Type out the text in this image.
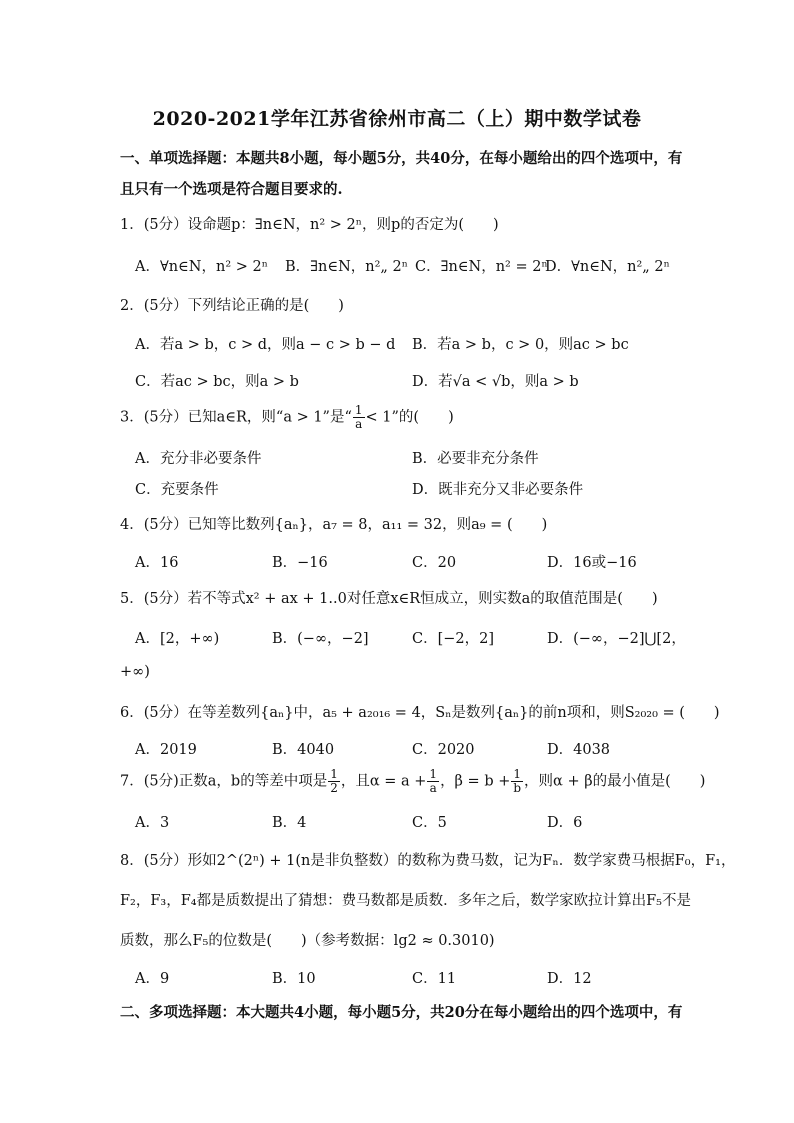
2020-2021学年江苏省徐州市高二（上）期中数学试卷
一、单项选择题：本题共8小题，每小题5分，共40分，在每小题给出的四个选项中，有
且只有一个选项是符合题目要求的.
1．(5分）设命题p：∃n∈N，n² > 2ⁿ，则p的否定为(　　)
A．∀n∈N，n² > 2ⁿ B．∃n∈N，n²„ 2ⁿ C．∃n∈N，n² = 2ⁿ
D．∀n∈N，n²„ 2ⁿ
2．(5分）下列结论正确的是(　　)
A．若a > b，c > d，则a − c > b − d B．若a > b，c > 0，则ac > bc
C．若ac > bc，则a > b	D．若√a < √b，则a > b
3．(5分）已知a∈R，则“a > 1”是“ $\frac{1}{a} < 1$”的(　　)
A．充分非必要条件	B．必要非充分条件
C．充要条件	D．既非充分又非必要条件
4．(5分）已知等比数列{aₙ}，a₇ = 8，a₁₁ = 32，则a₉ = (　　)
A．16	B．−16	C．20	D．16或−16
5．(5分）若不等式x² + ax + 1..0对任意x∈R恒成立，则实数a的取值范围是(　　)
A．[2，+∞)	B．(−∞，−2]	C．[−2，2]	D．(−∞，−2]⋃[2，
+∞)
6．(5分）在等差数列{aₙ}中，a₅ + a₂₀₁₆ = 4，Sₙ是数列{aₙ}的前n项和，则S₂₀₂₀ = (　　)
A．2019	B．4040	C．2020	D．4038
7．(5分)正数a，b的等差中项是 $\frac{1}{2}$ ，且$\alpha = a + \frac{1}{a}$ ，$\beta = b + \frac{1}{b}$ ，则α + β的最小值是(　　)
A．3	B．4	C．5	D．6
8．(5分）形如2^(2ⁿ) + 1(n是非负整数）的数称为费马数，记为Fₙ．数学家费马根据F₀，F₁，
F₂，F₃，F₄都是质数提出了猜想：费马数都是质数．多年之后，数学家欧拉计算出F₅不是
质数，那么F₅的位数是(　　)（参考数据：lg2 ≈ 0.3010)
A．9	B．10	C．11	D．12
二、多项选择题：本大题共4小题，每小题5分，共20分在每小题给出的四个选项中，有
